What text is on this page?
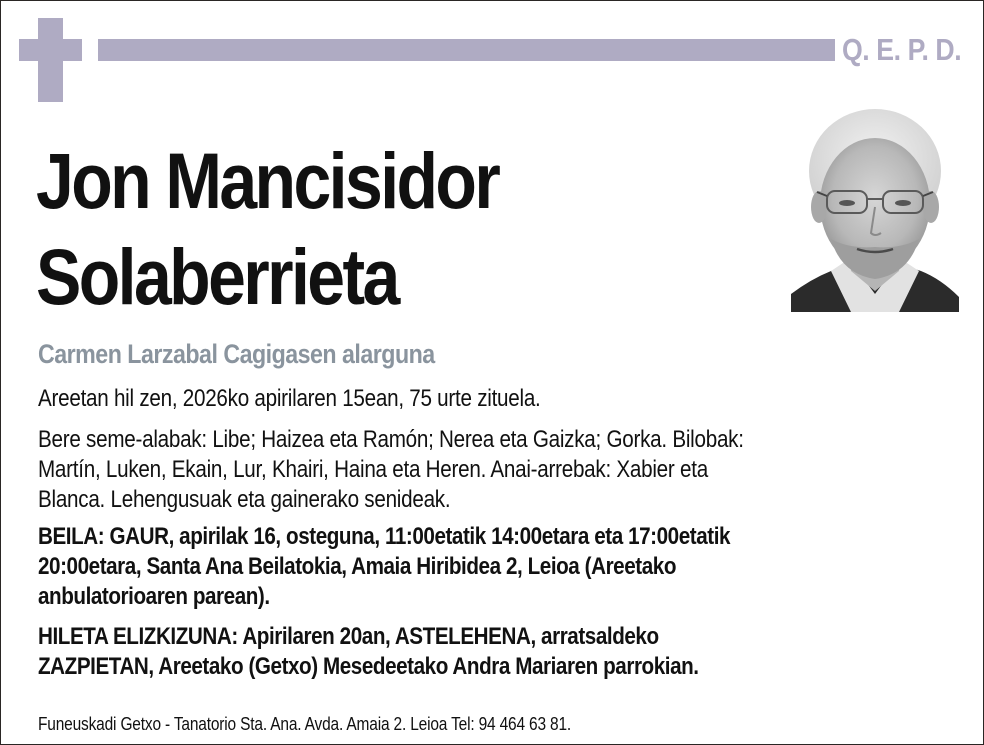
Q. E. P. D.
Jon Mancisidor
Solaberrieta
Carmen Larzabal Cagigasen alarguna
Areetan hil zen, 2026ko apirilaren 15ean, 75 urte zituela.
Bere seme-alabak: Libe; Haizea eta Ramón; Nerea eta Gaizka; Gorka. Bilobak:
Martín, Luken, Ekain, Lur, Khairi, Haina eta Heren. Anai-arrebak: Xabier eta
Blanca. Lehengusuak eta gainerako senideak.
BEILA: GAUR, apirilak 16, osteguna, 11:00etatik 14:00etara eta 17:00etatik
20:00etara, Santa Ana Beilatokia, Amaia Hiribidea 2, Leioa (Areetako
anbulatorioaren parean).
HILETA ELIZKIZUNA: Apirilaren 20an, ASTELEHENA, arratsaldeko
ZAZPIETAN, Areetako (Getxo) Mesedeetako Andra Mariaren parrokian.
Funeuskadi Getxo - Tanatorio Sta. Ana. Avda. Amaia 2. Leioa Tel: 94 464 63 81.
